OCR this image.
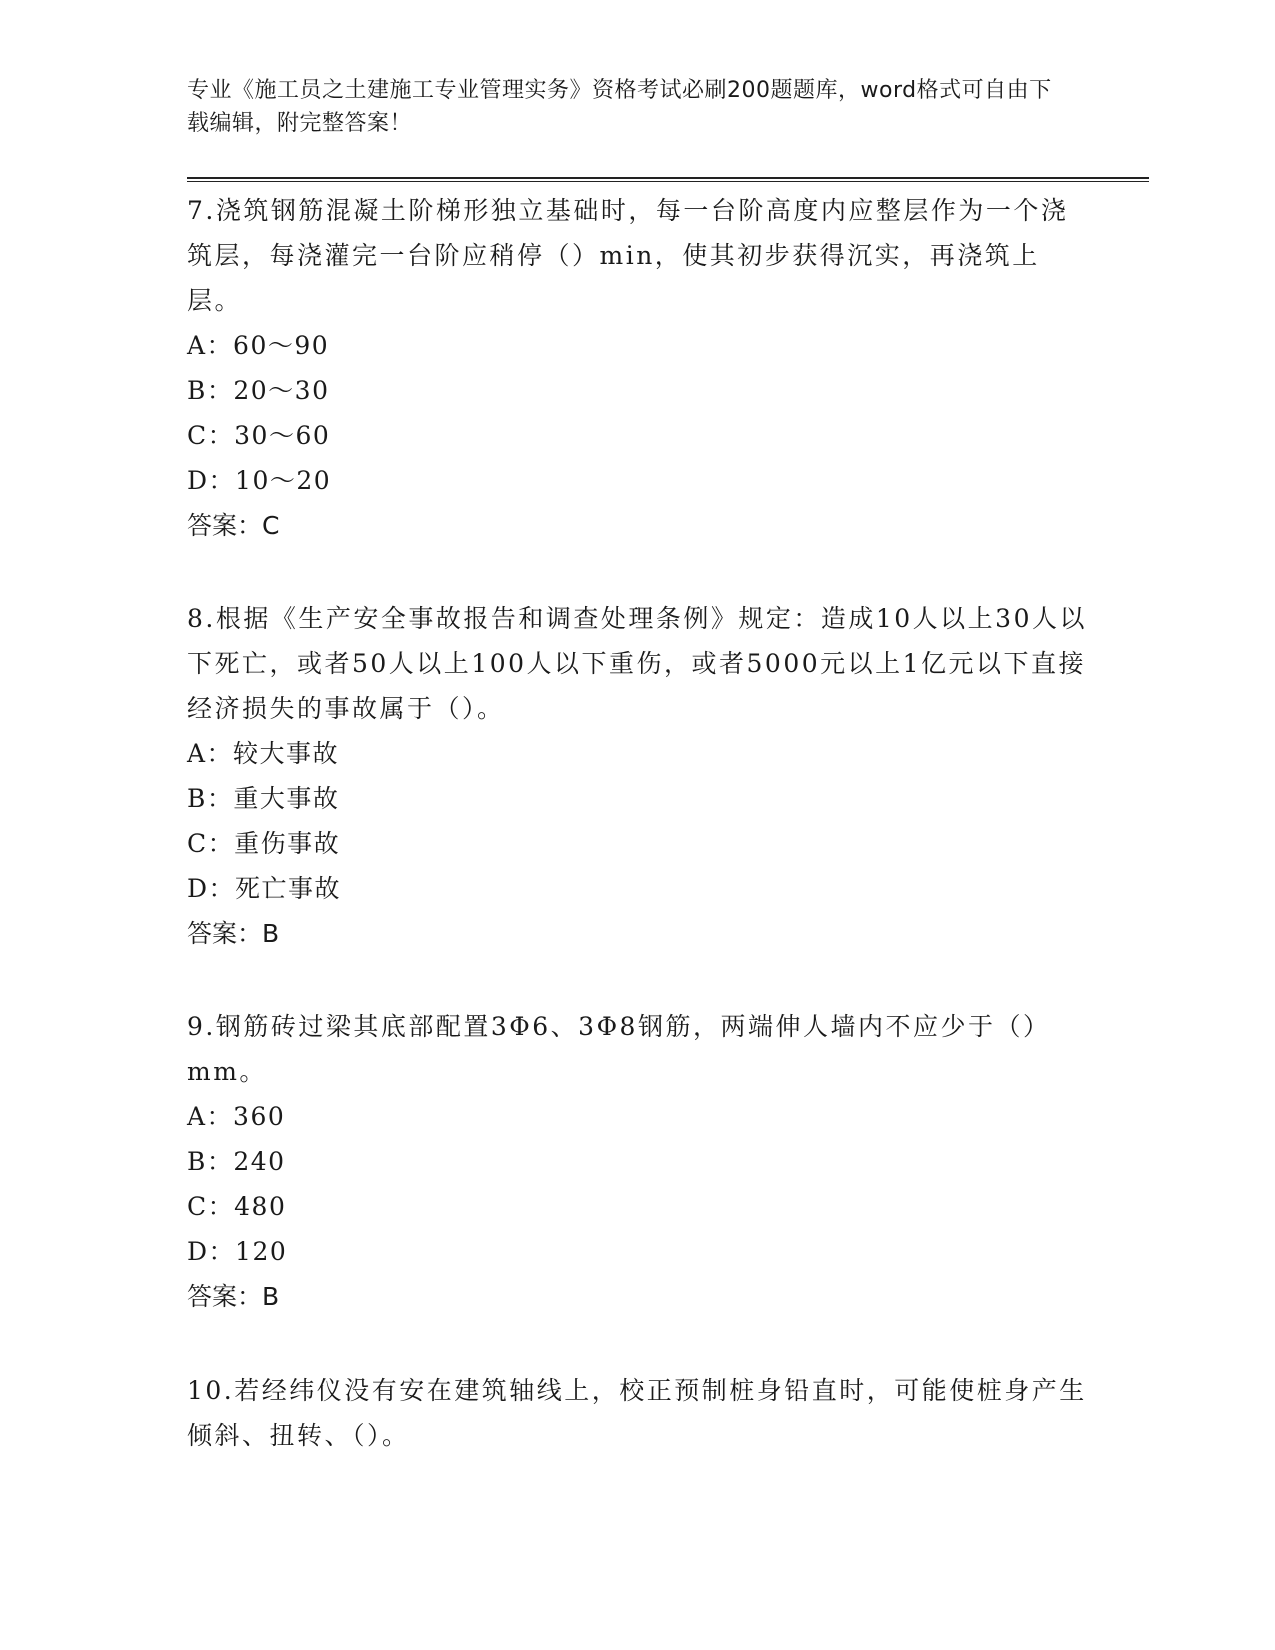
专业《施工员之土建施工专业管理实务》资格考试必刷200题题库，word格式可自由下载编辑，附完整答案！

7.浇筑钢筋混凝土阶梯形独立基础时，每一台阶高度内应整层作为一个浇筑层，每浇灌完一台阶应稍停（）min，使其初步获得沉实，再浇筑上层。

A：60～90

B：20～30

C：30～60

D：10～20

答案：C

8.根据《生产安全事故报告和调查处理条例》规定：造成10人以上30人以下死亡，或者50人以上100人以下重伤，或者5000元以上1亿元以下直接经济损失的事故属于（）。

A：较大事故

B：重大事故

C：重伤事故

D：死亡事故

答案：B

9.钢筋砖过梁其底部配置3Φ6、3Φ8钢筋，两端伸人墙内不应少于（）mm。

A：360

B：240

C：480

D：120

答案：B

10.若经纬仪没有安在建筑轴线上，校正预制桩身铅直时，可能使桩身产生倾斜、扭转、（）。
